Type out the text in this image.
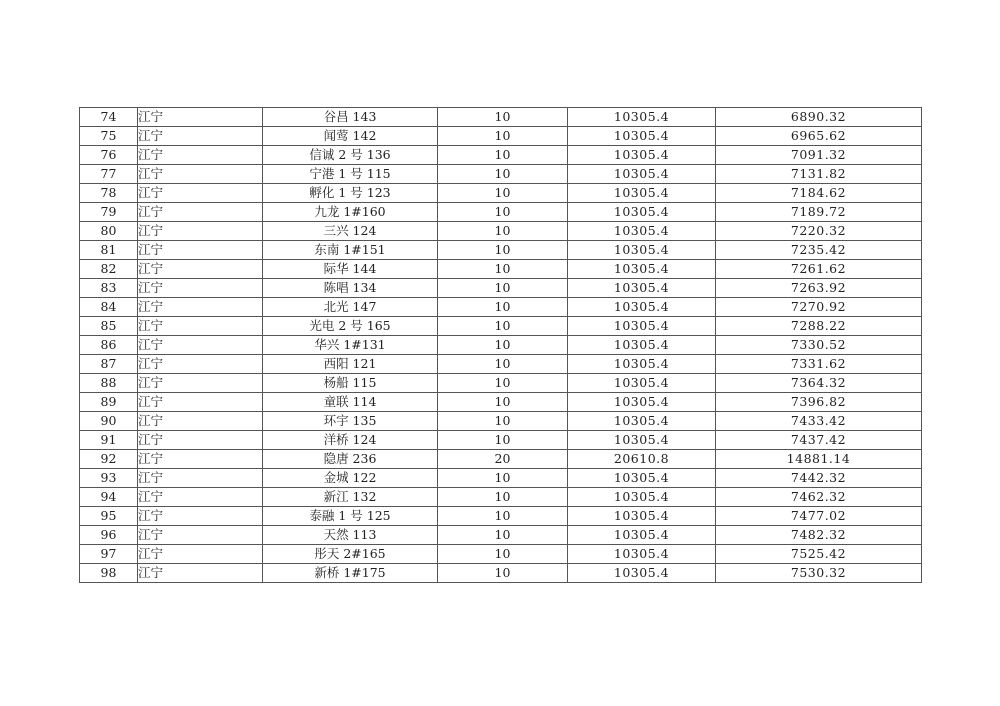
74	江宁	谷昌 143	10	10305.4	6890.32
75	江宁	闻莺 142	10	10305.4	6965.62
76	江宁	信诚 2 号 136	10	10305.4	7091.32
77	江宁	宁港 1 号 115	10	10305.4	7131.82
78	江宁	孵化 1 号 123	10	10305.4	7184.62
79	江宁	九龙 1#160	10	10305.4	7189.72
80	江宁	三兴 124	10	10305.4	7220.32
81	江宁	东南 1#151	10	10305.4	7235.42
82	江宁	际华 144	10	10305.4	7261.62
83	江宁	陈唱 134	10	10305.4	7263.92
84	江宁	北光 147	10	10305.4	7270.92
85	江宁	光电 2 号 165	10	10305.4	7288.22
86	江宁	华兴 1#131	10	10305.4	7330.52
87	江宁	西阳 121	10	10305.4	7331.62
88	江宁	杨船 115	10	10305.4	7364.32
89	江宁	童联 114	10	10305.4	7396.82
90	江宁	环宇 135	10	10305.4	7433.42
91	江宁	洋桥 124	10	10305.4	7437.42
92	江宁	隐唐 236	20	20610.8	14881.14
93	江宁	金城 122	10	10305.4	7442.32
94	江宁	新江 132	10	10305.4	7462.32
95	江宁	泰融 1 号 125	10	10305.4	7477.02
96	江宁	天然 113	10	10305.4	7482.32
97	江宁	彤天 2#165	10	10305.4	7525.42
98	江宁	新桥 1#175	10	10305.4	7530.32
